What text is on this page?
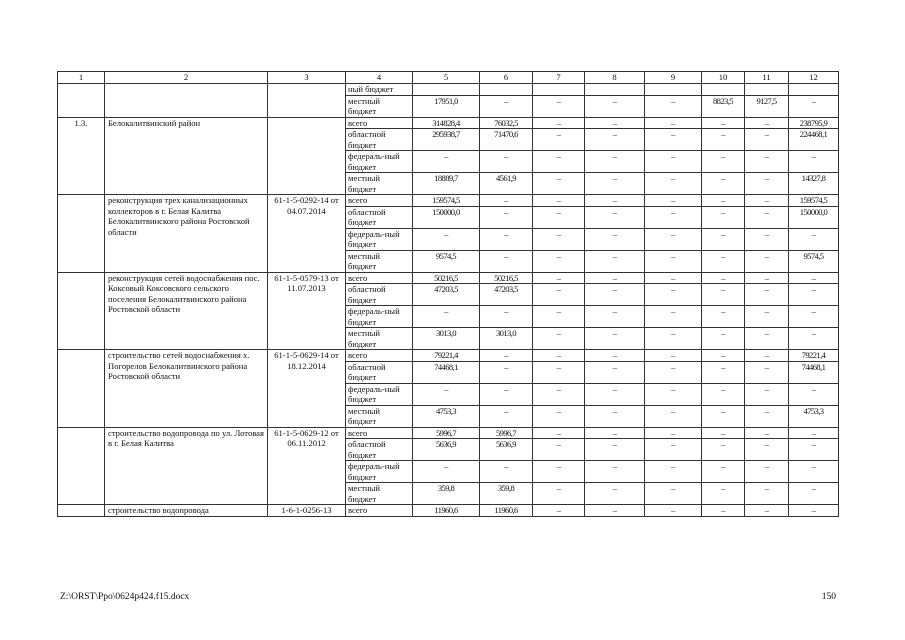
1	2	3	4	5	6	7	8	9	10	11	12
			ный бюджет								
			местный бюджет	17951,0	–	–	–	–	8823,5	9127,5	–
1.3.	Белокалитвинский район		всего	314828,4	76032,5	–	–	–	–	–	238795,9
			областной бюджет	295938,7	71470,6	–	–	–	–	–	224468,1
			федераль-ный бюджет	–	–	–	–	–	–	–	–
			местный бюджет	18889,7	4561,9	–	–	–	–	–	14327,8
	реконструкция трех канализационных коллекторов в г. Белая Калитва Белокалитвинского района Ростовской области	61-1-5-0292-14 от 04.07.2014	всего	159574,5	–	–	–	–	–	–	159574,5
			областной бюджет	150000,0	–	–	–	–	–	–	150000,0
			федераль-ный бюджет	–	–	–	–	–	–	–	–
			местный бюджет	9574,5	–	–	–	–	–	–	9574,5
	реконструкция сетей водоснабжения пос. Коксовый Коксовского сельского поселения Белокалитвинского района Ростовской области	61-1-5-0579-13 от 11.07.2013	всего	50216,5	50216,5	–	–	–	–	–	–
			областной бюджет	47203,5	47203,5	–	–	–	–	–	–
			федераль-ный бюджет	–	–	–	–	–	–	–	–
			местный бюджет	3013,0	3013,0	–	–	–	–	–	–
	строительство сетей водоснабжения х. Погорелов Белокалитвинского района Ростовской области	61-1-5-0629-14 от 18.12.2014	всего	79221,4	–	–	–	–	–	–	79221,4
			областной бюджет	74468,1	–	–	–	–	–	–	74468,1
			федераль-ный бюджет	–	–	–	–	–	–	–	–
			местный бюджет	4753,3	–	–	–	–	–	–	4753,3
	строительство водопровода по ул. Лотовая в г. Белая Калитва	61-1-5-0629-12 от 06.11.2012	всего	5996,7	5996,7	–	–	–	–	–	–
			областной бюджет	5636,9	5636,9	–	–	–	–	–	–
			федераль-ный бюджет	–	–	–	–	–	–	–	–
			местный бюджет	359,8	359,8	–	–	–	–	–	–
	строительство водопровода	1-6-1-0256-13	всего	11960,6	11960,6	–	–	–	–	–	–
Z:\ORST\Ppo\0624p424.f15.docx	150
